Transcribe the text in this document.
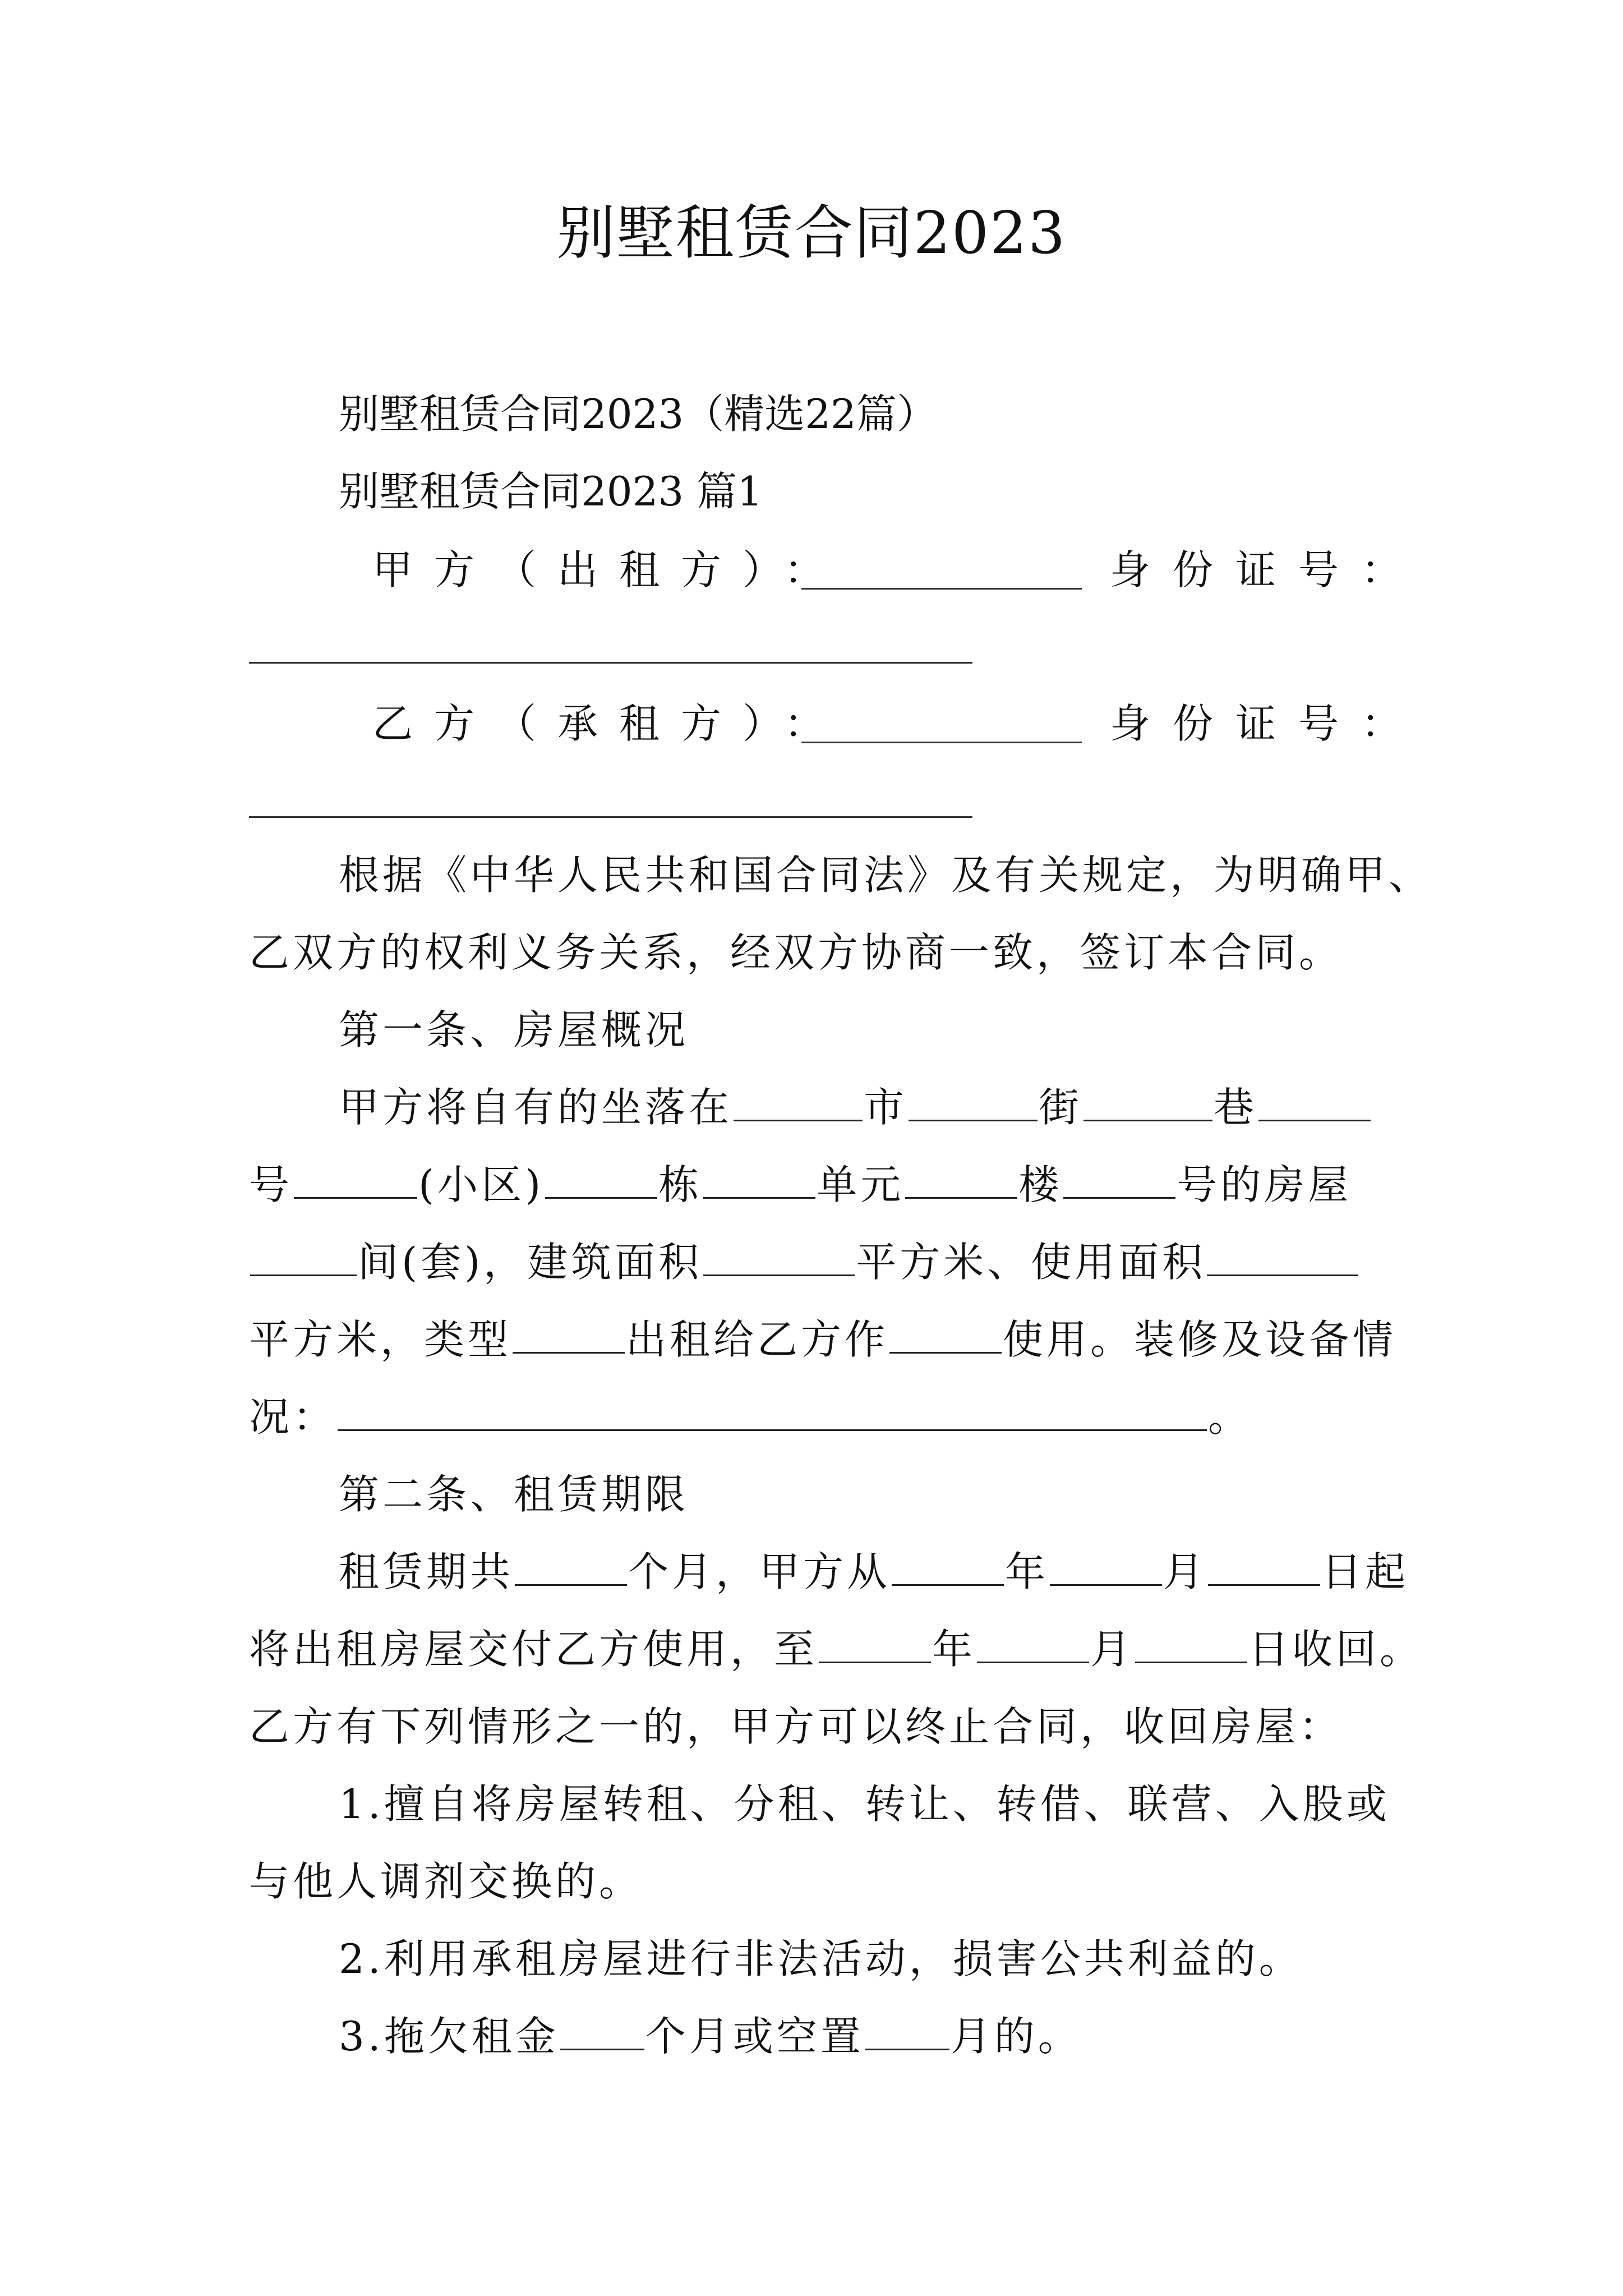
别墅租赁合同2023
别墅租赁合同2023（精选22篇）
别墅租赁合同2023 篇1
甲方（出租方）：	身份证号：
乙方（承租方）：	身份证号：
根据《中华人民共和国合同法》及有关规定，为明确甲、
乙双方的权利义务关系，经双方协商一致，签订本合同。
第一条、房屋概况
甲方将自有的坐落在	市	街	巷
号	(小区)	栋	单元	楼	号的房屋
间(套)，建筑面积	平方米、使用面积
平方米，类型	出租给乙方作	使用。装修及设备情
况：	。
第二条、租赁期限
租赁期共	个月，甲方从	年	月	日起
将出租房屋交付乙方使用，至	年	月	日收回。
乙方有下列情形之一的，甲方可以终止合同，收回房屋：
1.擅自将房屋转租、分租、转让、转借、联营、入股或
与他人调剂交换的。
2.利用承租房屋进行非法活动，损害公共利益的。
3.拖欠租金 个月或空置 月的。
